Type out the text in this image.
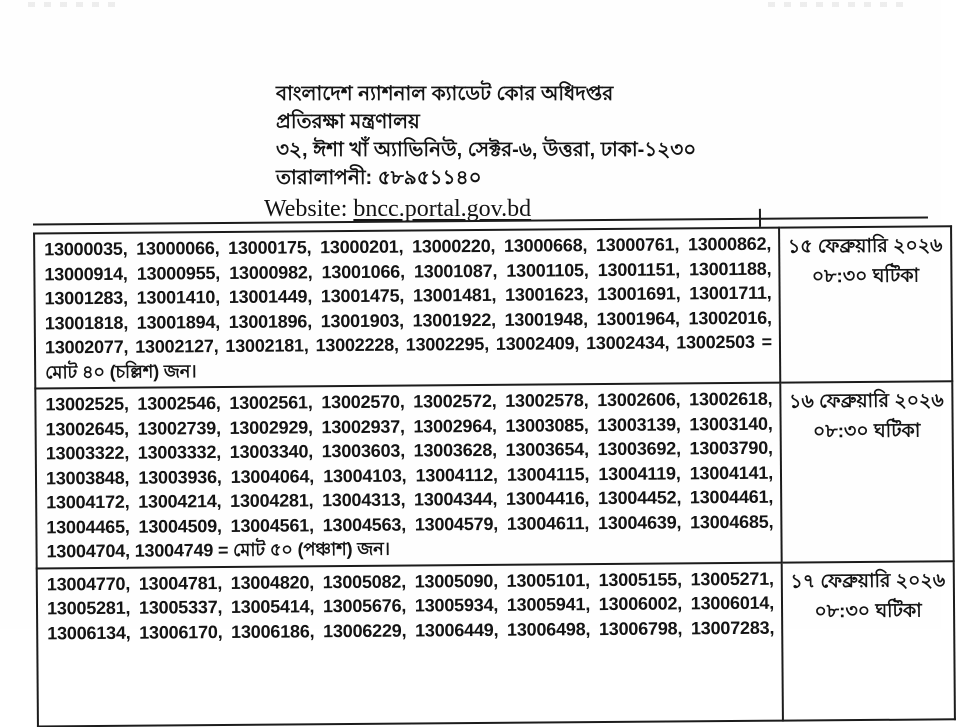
বাংলাদেশ ন্যাশনাল ক্যাডেট কোর অধিদপ্তর
প্রতিরক্ষা মন্ত্রণালয়
৩২, ঈশা খাঁ অ্যাভিনিউ, সেক্টর-৬, উত্তরা, ঢাকা-১২৩০
তারালাপনী: ৫৮৯৫১১৪০
Website: bncc.portal.gov.bd
13000035, 13000066, 13000175, 13000201, 13000220, 13000668, 13000761, 13000862,
13000914, 13000955, 13000982, 13001066, 13001087, 13001105, 13001151, 13001188,
13001283, 13001410, 13001449, 13001475, 13001481, 13001623, 13001691, 13001711,
13001818, 13001894, 13001896, 13001903, 13001922, 13001948, 13001964, 13002016,
13002077, 13002127, 13002181, 13002228, 13002295, 13002409, 13002434, 13002503 =
মোট ৪০ (চল্লিশ) জন।

১৫ ফেব্রুয়ারি ২০২৬
০৮:৩০ ঘটিকা

13002525, 13002546, 13002561, 13002570, 13002572, 13002578, 13002606, 13002618,
13002645, 13002739, 13002929, 13002937, 13002964, 13003085, 13003139, 13003140,
13003322, 13003332, 13003340, 13003603, 13003628, 13003654, 13003692, 13003790,
13003848, 13003936, 13004064, 13004103, 13004112, 13004115, 13004119, 13004141,
13004172, 13004214, 13004281, 13004313, 13004344, 13004416, 13004452, 13004461,
13004465, 13004509, 13004561, 13004563, 13004579, 13004611, 13004639, 13004685,
13004704, 13004749 = মোট ৫০ (পঞ্চাশ) জন।

১৬ ফেব্রুয়ারি ২০২৬
০৮:৩০ ঘটিকা

13004770, 13004781, 13004820, 13005082, 13005090, 13005101, 13005155, 13005271,
13005281, 13005337, 13005414, 13005676, 13005934, 13005941, 13006002, 13006014,
13006134, 13006170, 13006186, 13006229, 13006449, 13006498, 13006798, 13007283,

১৭ ফেব্রুয়ারি ২০২৬
০৮:৩০ ঘটিকা
